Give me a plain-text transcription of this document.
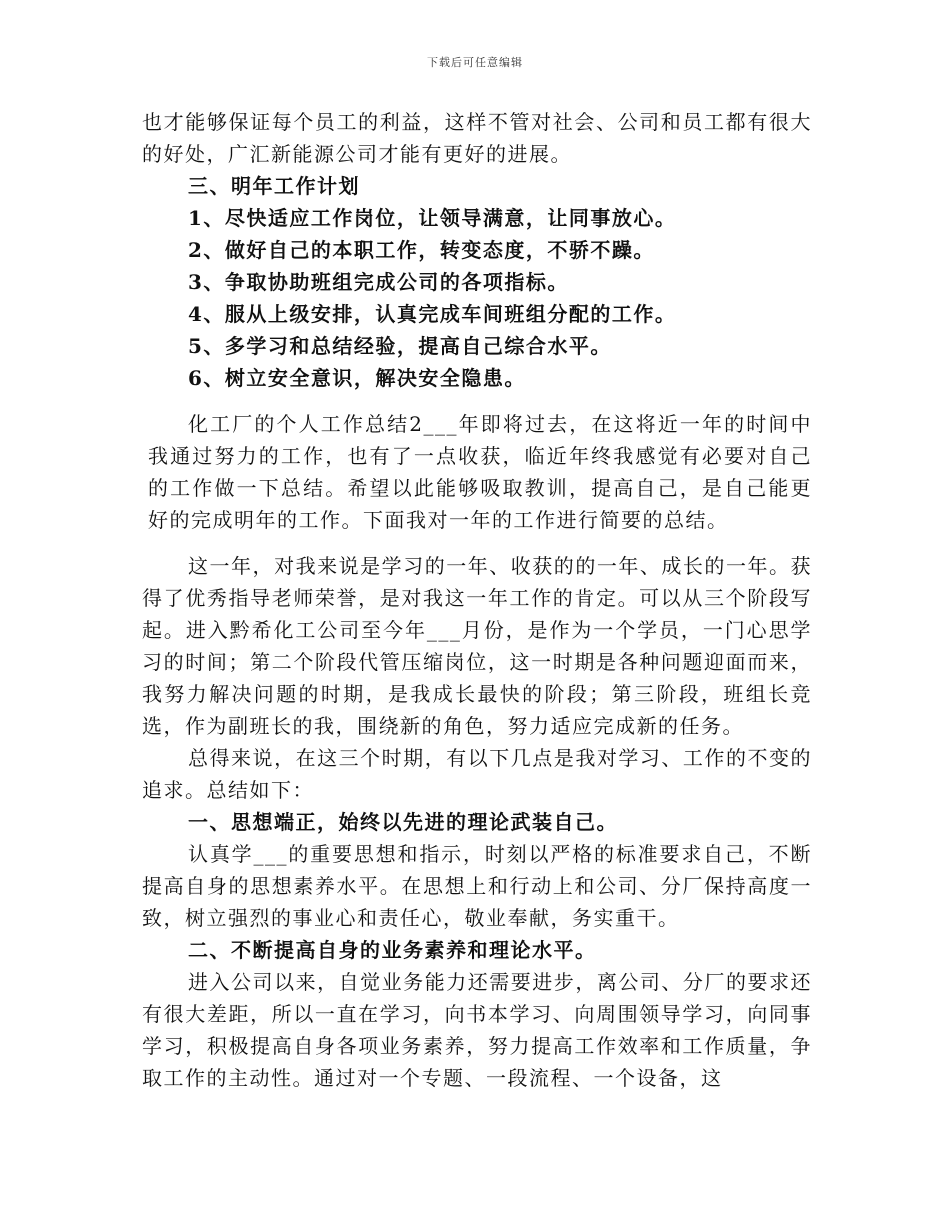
下载后可任意编辑

也才能够保证每个员工的利益，这样不管对社会、公司和员工都有很大的好处，广汇新能源公司才能有更好的进展。

三、明年工作计划

1、尽快适应工作岗位，让领导满意，让同事放心。

2、做好自己的本职工作，转变态度，不骄不躁。

3、争取协助班组完成公司的各项指标。

4、服从上级安排，认真完成车间班组分配的工作。

5、多学习和总结经验，提高自己综合水平。

6、树立安全意识，解决安全隐患。

化工厂的个人工作总结2___年即将过去，在这将近一年的时间中我通过努力的工作，也有了一点收获，临近年终我感觉有必要对自己的工作做一下总结。希望以此能够吸取教训，提高自己，是自己能更好的完成明年的工作。下面我对一年的工作进行简要的总结。

这一年，对我来说是学习的一年、收获的的一年、成长的一年。获得了优秀指导老师荣誉，是对我这一年工作的肯定。可以从三个阶段写起。进入黔希化工公司至今年___月份，是作为一个学员，一门心思学习的时间；第二个阶段代管压缩岗位，这一时期是各种问题迎面而来，我努力解决问题的时期，是我成长最快的阶段；第三阶段，班组长竞选，作为副班长的我，围绕新的角色，努力适应完成新的任务。

总得来说，在这三个时期，有以下几点是我对学习、工作的不变的追求。总结如下：

一、思想端正，始终以先进的理论武装自己。

认真学___的重要思想和指示，时刻以严格的标准要求自己，不断提高自身的思想素养水平。在思想上和行动上和公司、分厂保持高度一致，树立强烈的事业心和责任心，敬业奉献，务实重干。

二、不断提高自身的业务素养和理论水平。

进入公司以来，自觉业务能力还需要进步，离公司、分厂的要求还有很大差距，所以一直在学习，向书本学习、向周围领导学习，向同事学习，积极提高自身各项业务素养，努力提高工作效率和工作质量，争取工作的主动性。通过对一个专题、一段流程、一个设备，这
